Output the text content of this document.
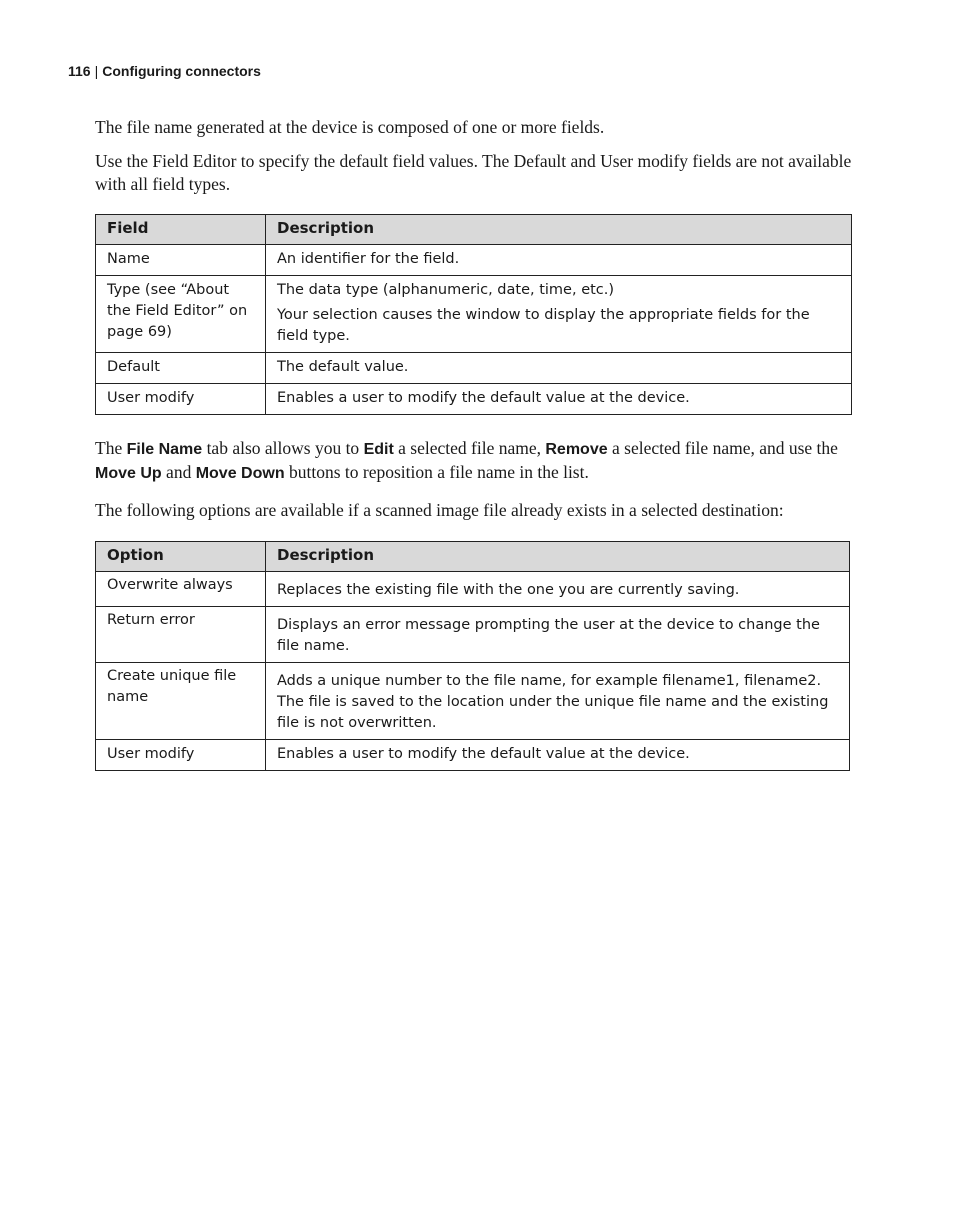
116 | Configuring connectors

The file name generated at the device is composed of one or more fields.

Use the Field Editor to specify the default field values. The Default and User modify fields are not available with all field types.

Field	Description
Name	An identifier for the field.

Type (see “About the Field Editor” on page 69)	The data type (alphanumeric, date, time, etc.)

Your selection causes the window to display the appropriate fields for the field type.

Default	The default value.

User modify	Enables a user to modify the default value at the device.

The File Name tab also allows you to Edit a selected file name, Remove a selected file name, and use the Move Up and Move Down buttons to reposition a file name in the list.

The following options are available if a scanned image file already exists in a selected destination:

Option	Description
Overwrite always	Replaces the existing file with the one you are currently saving.
Return error	Displays an error message prompting the user at the device to change the file name.
Create unique file name	Adds a unique number to the file name, for example filename1, filename2. The file is saved to the location under the unique file name and the existing file is not overwritten.
User modify	Enables a user to modify the default value at the device.
